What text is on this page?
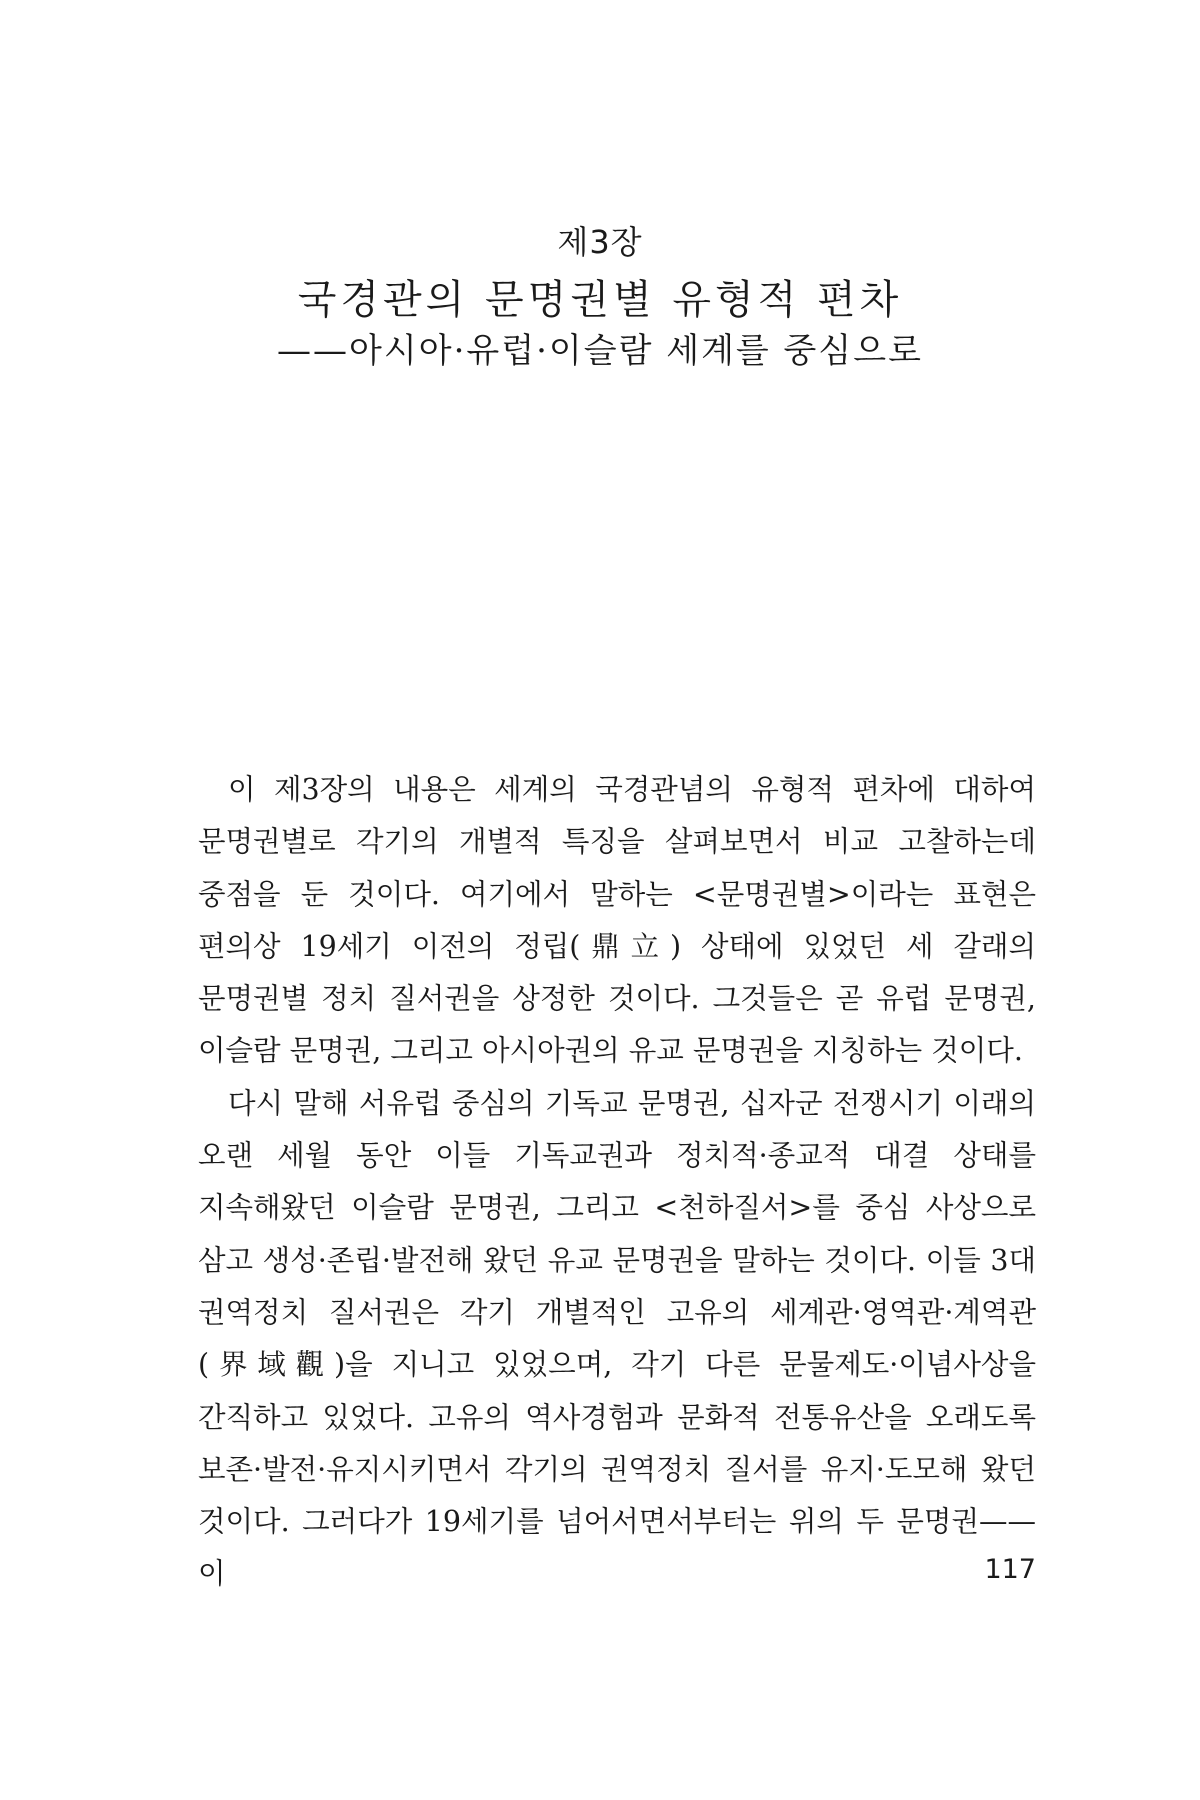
제3장
국경관의 문명권별 유형적 편차
——아시아·유럽·이슬람 세계를 중심으로

이 제3장의 내용은 세계의 국경관념의 유형적 편차에 대하여 문명권별로 각기의 개별적 특징을 살펴보면서 비교 고찰하는데 중점을 둔 것이다. 여기에서 말하는 <문명권별>이라는 표현은 편의상 19세기 이전의 정립(鼎立) 상태에 있었던 세 갈래의 문명권별 정치 질서권을 상정한 것이다. 그것들은 곧 유럽 문명권, 이슬람 문명권, 그리고 아시아권의 유교 문명권을 지칭하는 것이다.

다시 말해 서유럽 중심의 기독교 문명권, 십자군 전쟁시기 이래의 오랜 세월 동안 이들 기독교권과 정치적·종교적 대결 상태를 지속해왔던 이슬람 문명권, 그리고 <천하질서>를 중심 사상으로 삼고 생성·존립·발전해 왔던 유교 문명권을 말하는 것이다. 이들 3대 권역정치 질서권은 각기 개별적인 고유의 세계관·영역관·계역관(界域觀)을 지니고 있었으며, 각기 다른 문물제도·이념사상을 간직하고 있었다. 고유의 역사경험과 문화적 전통유산을 오래도록 보존·발전·유지시키면서 각기의 권역정치 질서를 유지·도모해 왔던 것이다. 그러다가 19세기를 넘어서면서부터는 위의 두 문명권——이	117
